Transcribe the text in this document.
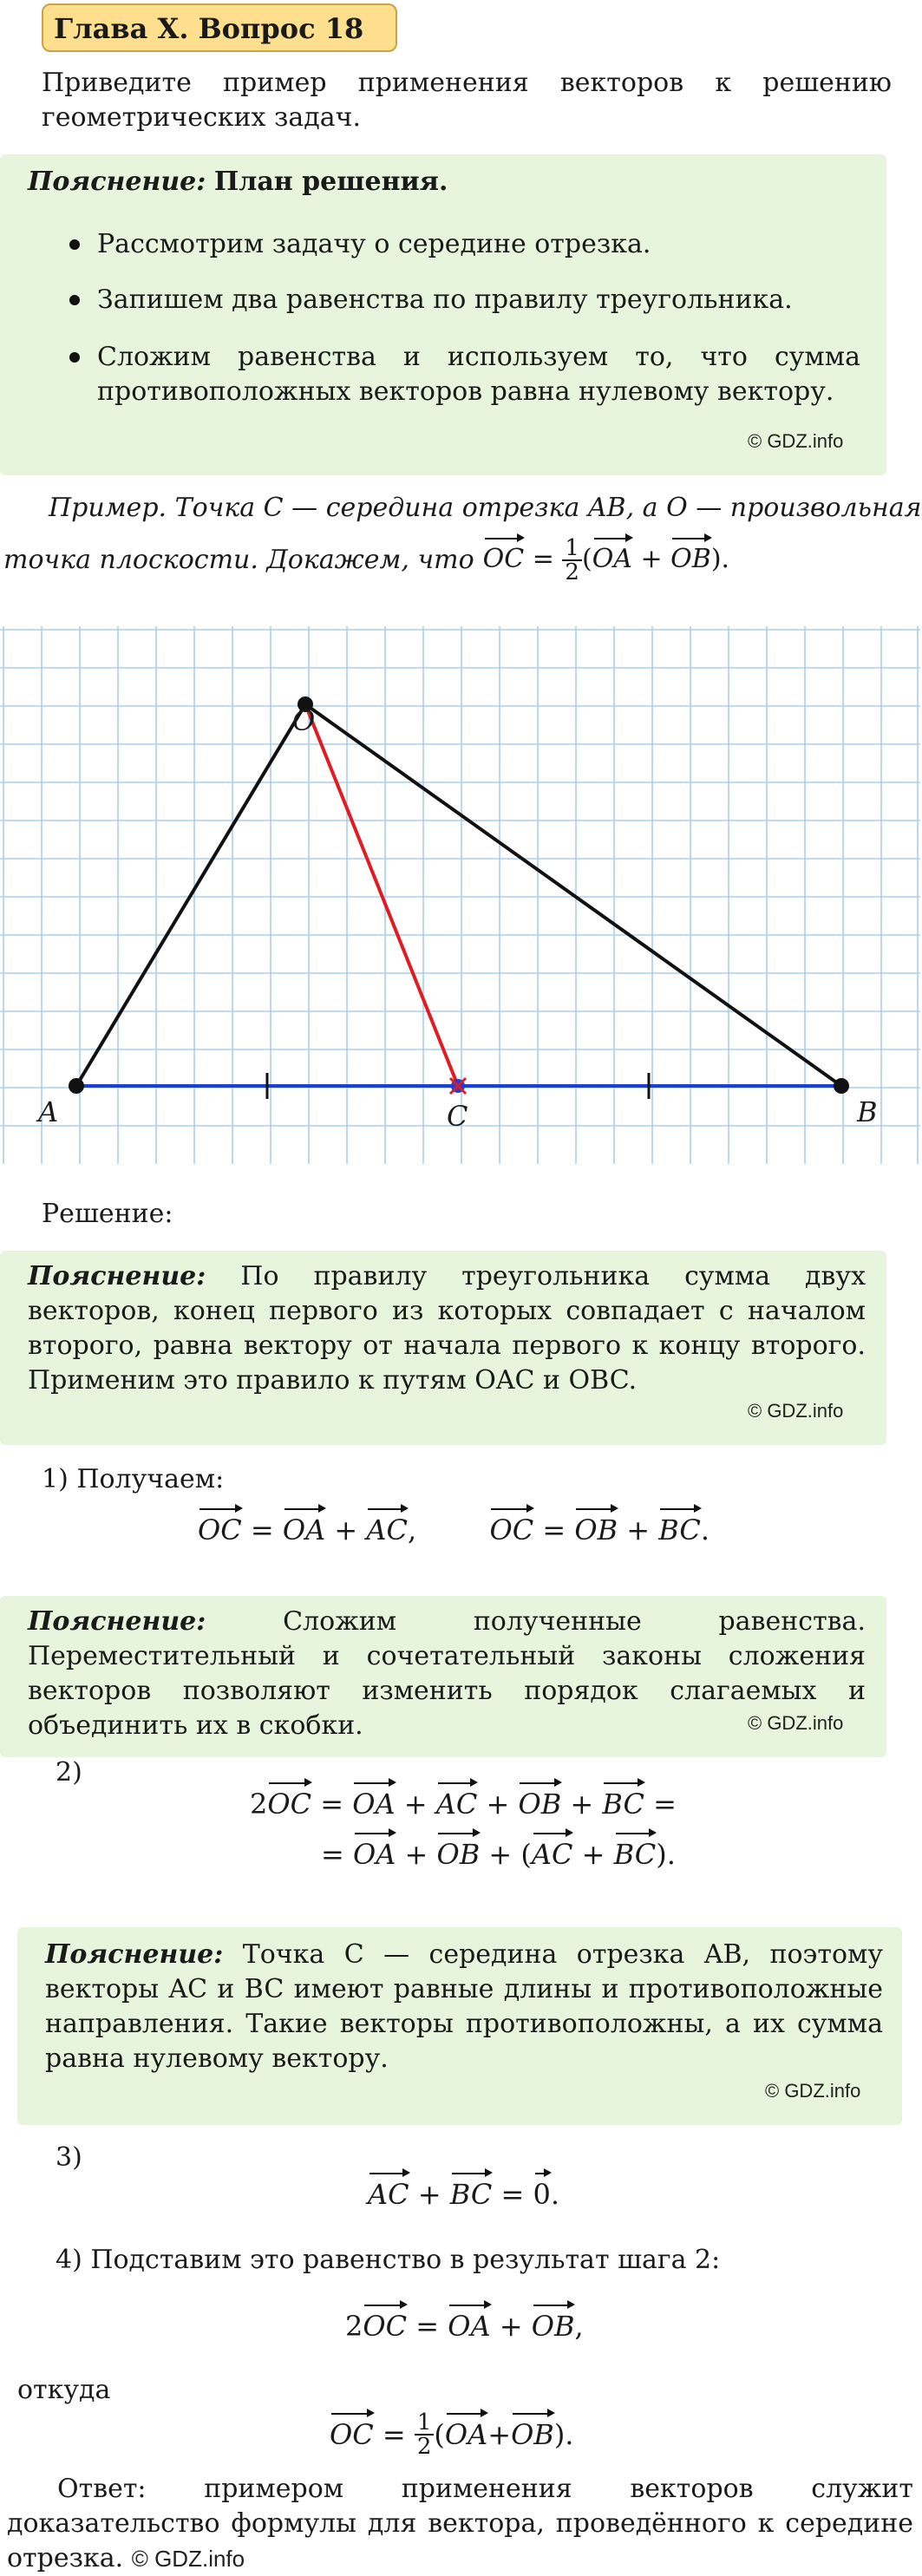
Глава X. Вопрос 18
Приведите пример применения векторов к решению геометрических задач.
Пояснение: План решения.
Рассмотрим задачу о середине отрезка.
Запишем два равенства по правилу треугольника.
Сложим равенства и используем то, что сумма противоположных векторов равна нулевому вектору.
© GDZ.info
Пример. Точка C — середина отрезка AB, а O — произвольная
точка плоскости. Докажем, что OC = $\frac{1}{2} (OA + OB)$.
O
A	B
C
Решение:
Пояснение: По правилу треугольника сумма двух векторов, конец первого из которых совпадает с началом второго, равна вектору от начала первого к концу второго. Применим это правило к путям OAC и OBC.
© GDZ.info
1) Получаем:
OC = OA + AC,  OC = OB + BC.
Пояснение:	Сложим полученные равенства. Переместительный и сочетательный законы сложения векторов позволяют изменить порядок слагаемых и объединить их в скобки.	© GDZ.info
2)
2OC = OA + AC + OB + BC =
= OA + OB + (AC + BC).
Пояснение: Точка C — середина отрезка AB, поэтому векторы AC и BC имеют равные длины и противоположные направления. Такие векторы противоположны, а их сумма равна нулевому вектору.
© GDZ.info
3)
AC + BC = 0.
4) Подставим это равенство в результат шага 2:
2OC = OA + OB,
откуда
OC = $\frac{1}{2}$ ( OA + OB ).
Ответ: примером применения векторов служит доказательство формулы для вектора, проведённого к середине отрезка. © GDZ.info
